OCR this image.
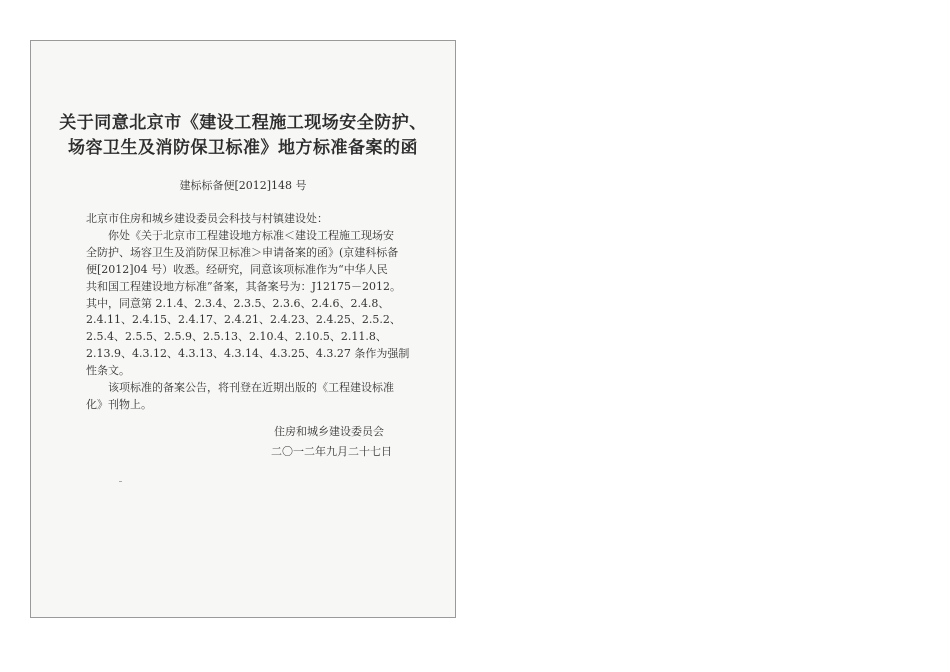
关于同意北京市《建设工程施工现场安全防护、
场容卫生及消防保卫标准》地方标准备案的函
建标标备便[2012]148 号

北京市住房和城乡建设委员会科技与村镇建设处：

你处《关于北京市工程建设地方标准＜建设工程施工现场安

全防护、场容卫生及消防保卫标准＞申请备案的函》(京建科标备

便[2012]04 号）收悉。经研究，同意该项标准作为“中华人民

共和国工程建设地方标准”备案，其备案号为：J12175－2012。

其中，同意第 2.1.4、2.3.4、2.3.5、2.3.6、2.4.6、2.4.8、

2.4.11、2.4.15、2.4.17、2.4.21、2.4.23、2.4.25、2.5.2、

2.5.4、2.5.5、2.5.9、2.5.13、2.10.4、2.10.5、2.11.8、

2.13.9、4.3.12、4.3.13、4.3.14、4.3.25、4.3.27 条作为强制

性条文。

该项标准的备案公告，将刊登在近期出版的《工程建设标准

化》刊物上。

住房和城乡建设委员会
二〇一二年九月二十七日
